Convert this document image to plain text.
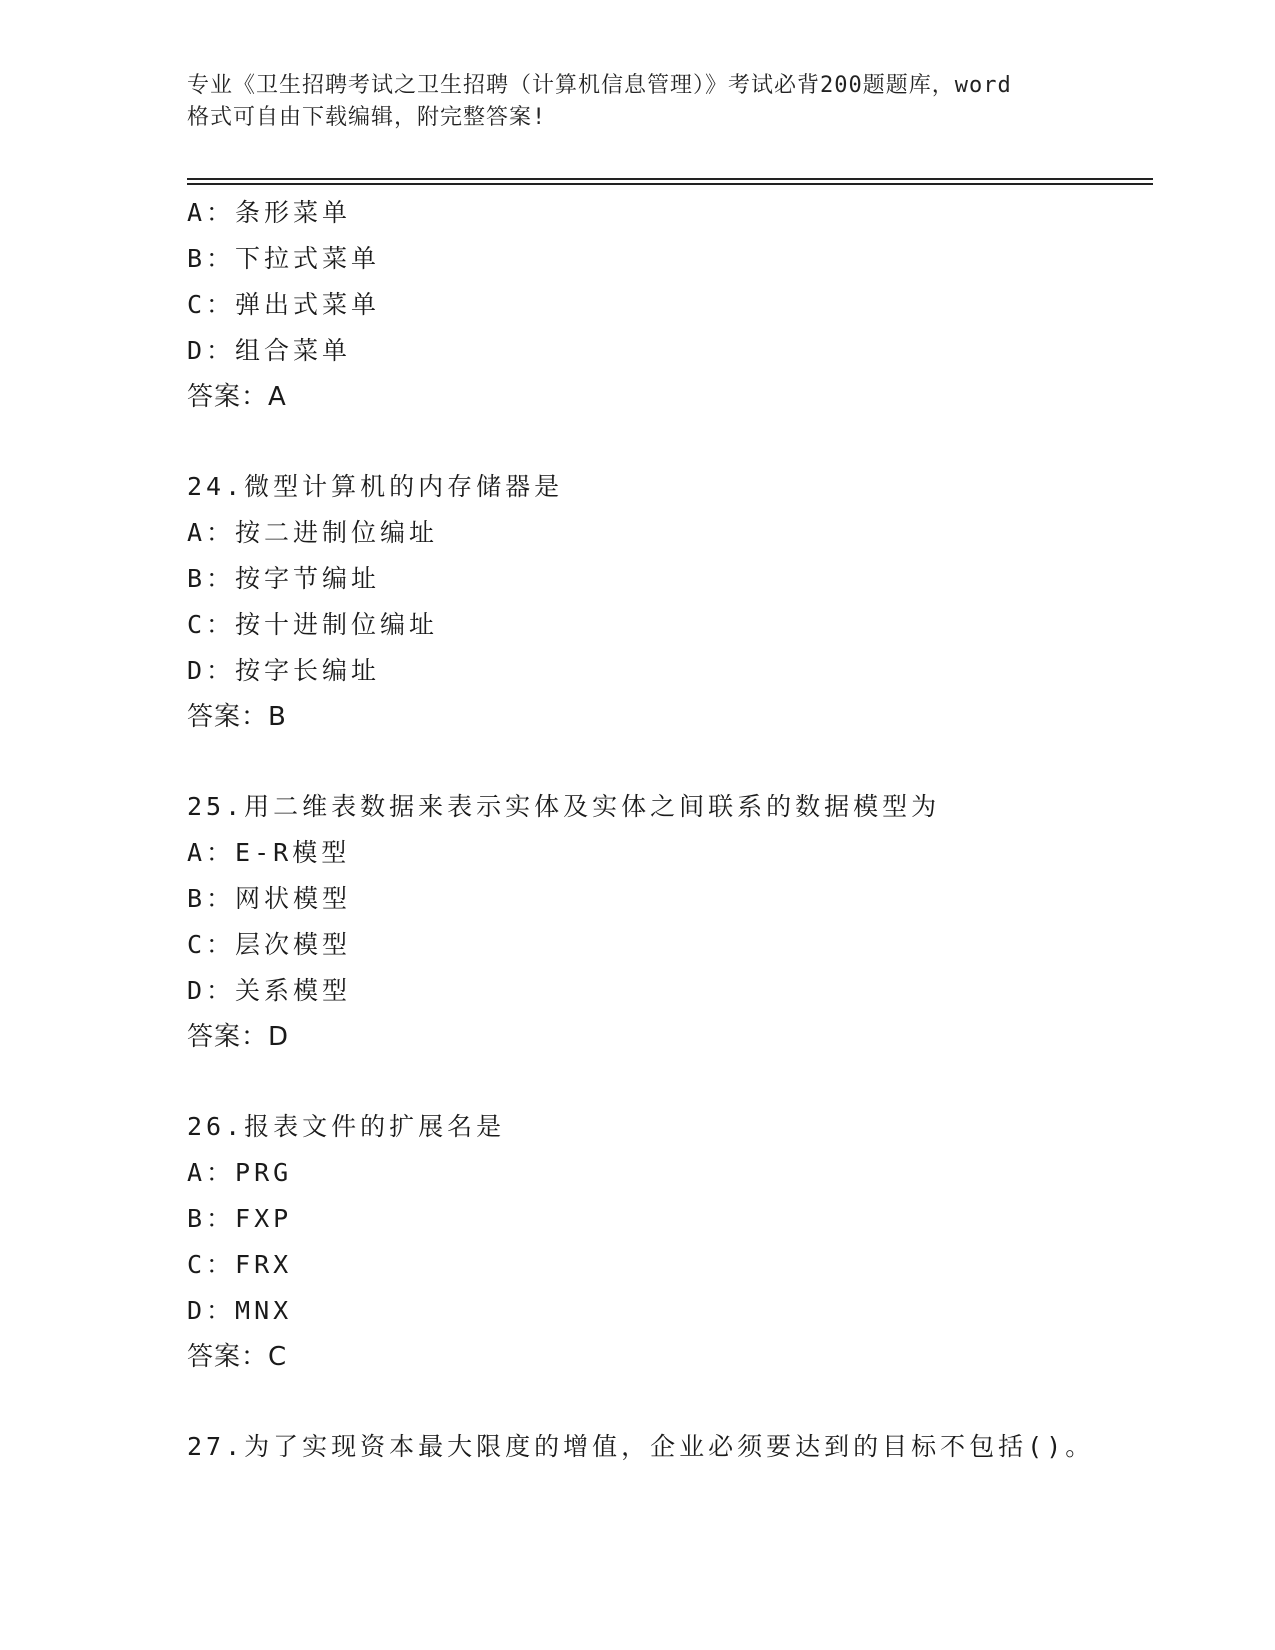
专业《卫生招聘考试之卫生招聘（计算机信息管理）》考试必背200题题库，word
格式可自由下载编辑，附完整答案!
A：条形菜单
B：下拉式菜单
C：弹出式菜单
D：组合菜单
答案：A
24.微型计算机的内存储器是
A：按二进制位编址
B：按字节编址
C：按十进制位编址
D：按字长编址
答案：B
25.用二维表数据来表示实体及实体之间联系的数据模型为
A：E-R模型
B：网状模型
C：层次模型
D：关系模型
答案：D
26.报表文件的扩展名是
A：PRG
B：FXP
C：FRX
D：MNX
答案：C
27.为了实现资本最大限度的增值，企业必须要达到的目标不包括()。
